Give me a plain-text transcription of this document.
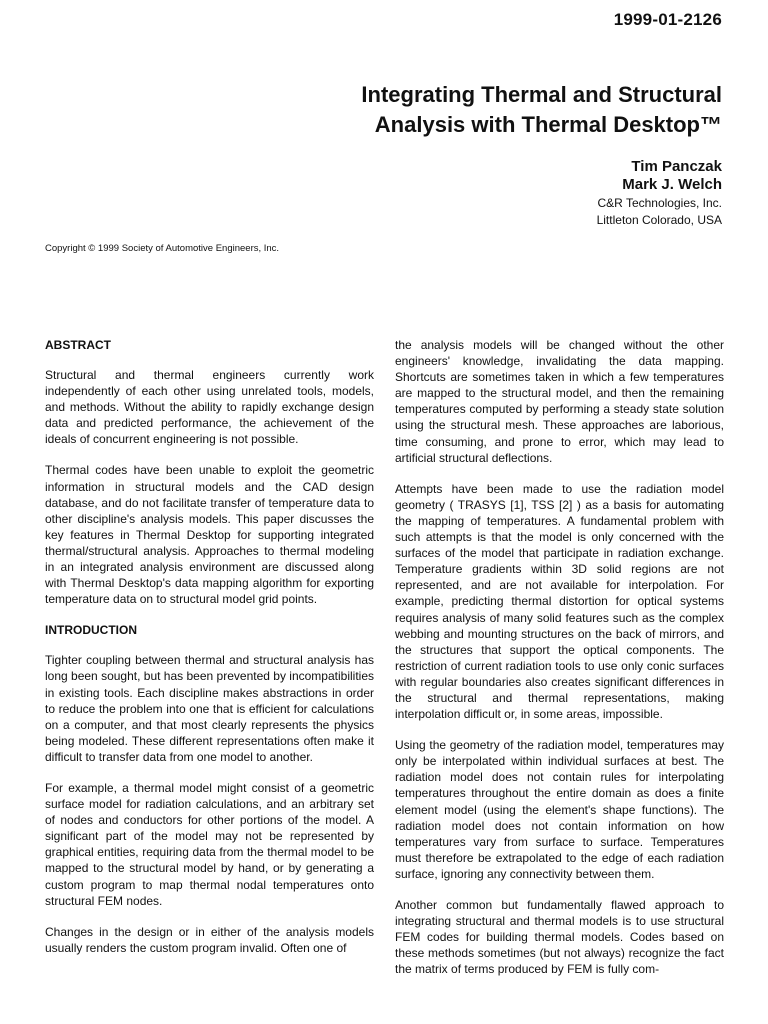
1999-01-2126
Integrating Thermal and Structural
Analysis with Thermal Desktop™
Tim Panczak
Mark J. Welch
C&R Technologies, Inc.
Littleton Colorado, USA
Copyright © 1999 Society of Automotive Engineers, Inc.
ABSTRACT

Structural and thermal engineers currently work independently of each other using unrelated tools, models, and methods. Without the ability to rapidly exchange design data and predicted performance, the achievement of the ideals of concurrent engineering is not possible.

Thermal codes have been unable to exploit the geometric information in structural models and the CAD design database, and do not facilitate transfer of temperature data to other discipline's analysis models. This paper discusses the key features in Thermal Desktop for supporting integrated thermal/structural analysis. Approaches to thermal modeling in an integrated analysis environment are discussed along with Thermal Desktop's data mapping algorithm for exporting temperature data on to structural model grid points.

INTRODUCTION

Tighter coupling between thermal and structural analysis has long been sought, but has been prevented by incompatibilities in existing tools. Each discipline makes abstractions in order to reduce the problem into one that is efficient for calculations on a computer, and that most clearly represents the physics being modeled. These different representations often make it difficult to transfer data from one model to another.

For example, a thermal model might consist of a geometric surface model for radiation calculations, and an arbitrary set of nodes and conductors for other portions of the model. A significant part of the model may not be represented by graphical entities, requiring data from the thermal model to be mapped to the structural model by hand, or by generating a custom program to map thermal nodal temperatures onto structural FEM nodes.

Changes in the design or in either of the analysis models usually renders the custom program invalid. Often one of

the analysis models will be changed without the other engineers' knowledge, invalidating the data mapping. Shortcuts are sometimes taken in which a few temperatures are mapped to the structural model, and then the remaining temperatures computed by performing a steady state solution using the structural mesh. These approaches are laborious, time consuming, and prone to error, which may lead to artificial structural deflections.

Attempts have been made to use the radiation model geometry ( TRASYS [1], TSS [2] ) as a basis for automating the mapping of temperatures. A fundamental problem with such attempts is that the model is only concerned with the surfaces of the model that participate in radiation exchange. Temperature gradients within 3D solid regions are not represented, and are not available for interpolation. For example, predicting thermal distortion for optical systems requires analysis of many solid features such as the complex webbing and mounting structures on the back of mirrors, and the structures that support the optical components. The restriction of current radiation tools to use only conic surfaces with regular boundaries also creates significant differences in the structural and thermal representations, making interpolation difficult or, in some areas, impossible.

Using the geometry of the radiation model, temperatures may only be interpolated within individual surfaces at best. The radiation model does not contain rules for interpolating temperatures throughout the entire domain as does a finite element model (using the element's shape functions). The radiation model does not contain information on how temperatures vary from surface to surface. Temperatures must therefore be extrapolated to the edge of each radiation surface, ignoring any connectivity between them.

Another common but fundamentally flawed approach to integrating structural and thermal models is to use structural FEM codes for building thermal models. Codes based on these methods sometimes (but not always) recognize the fact the matrix of terms produced by FEM is fully com-
